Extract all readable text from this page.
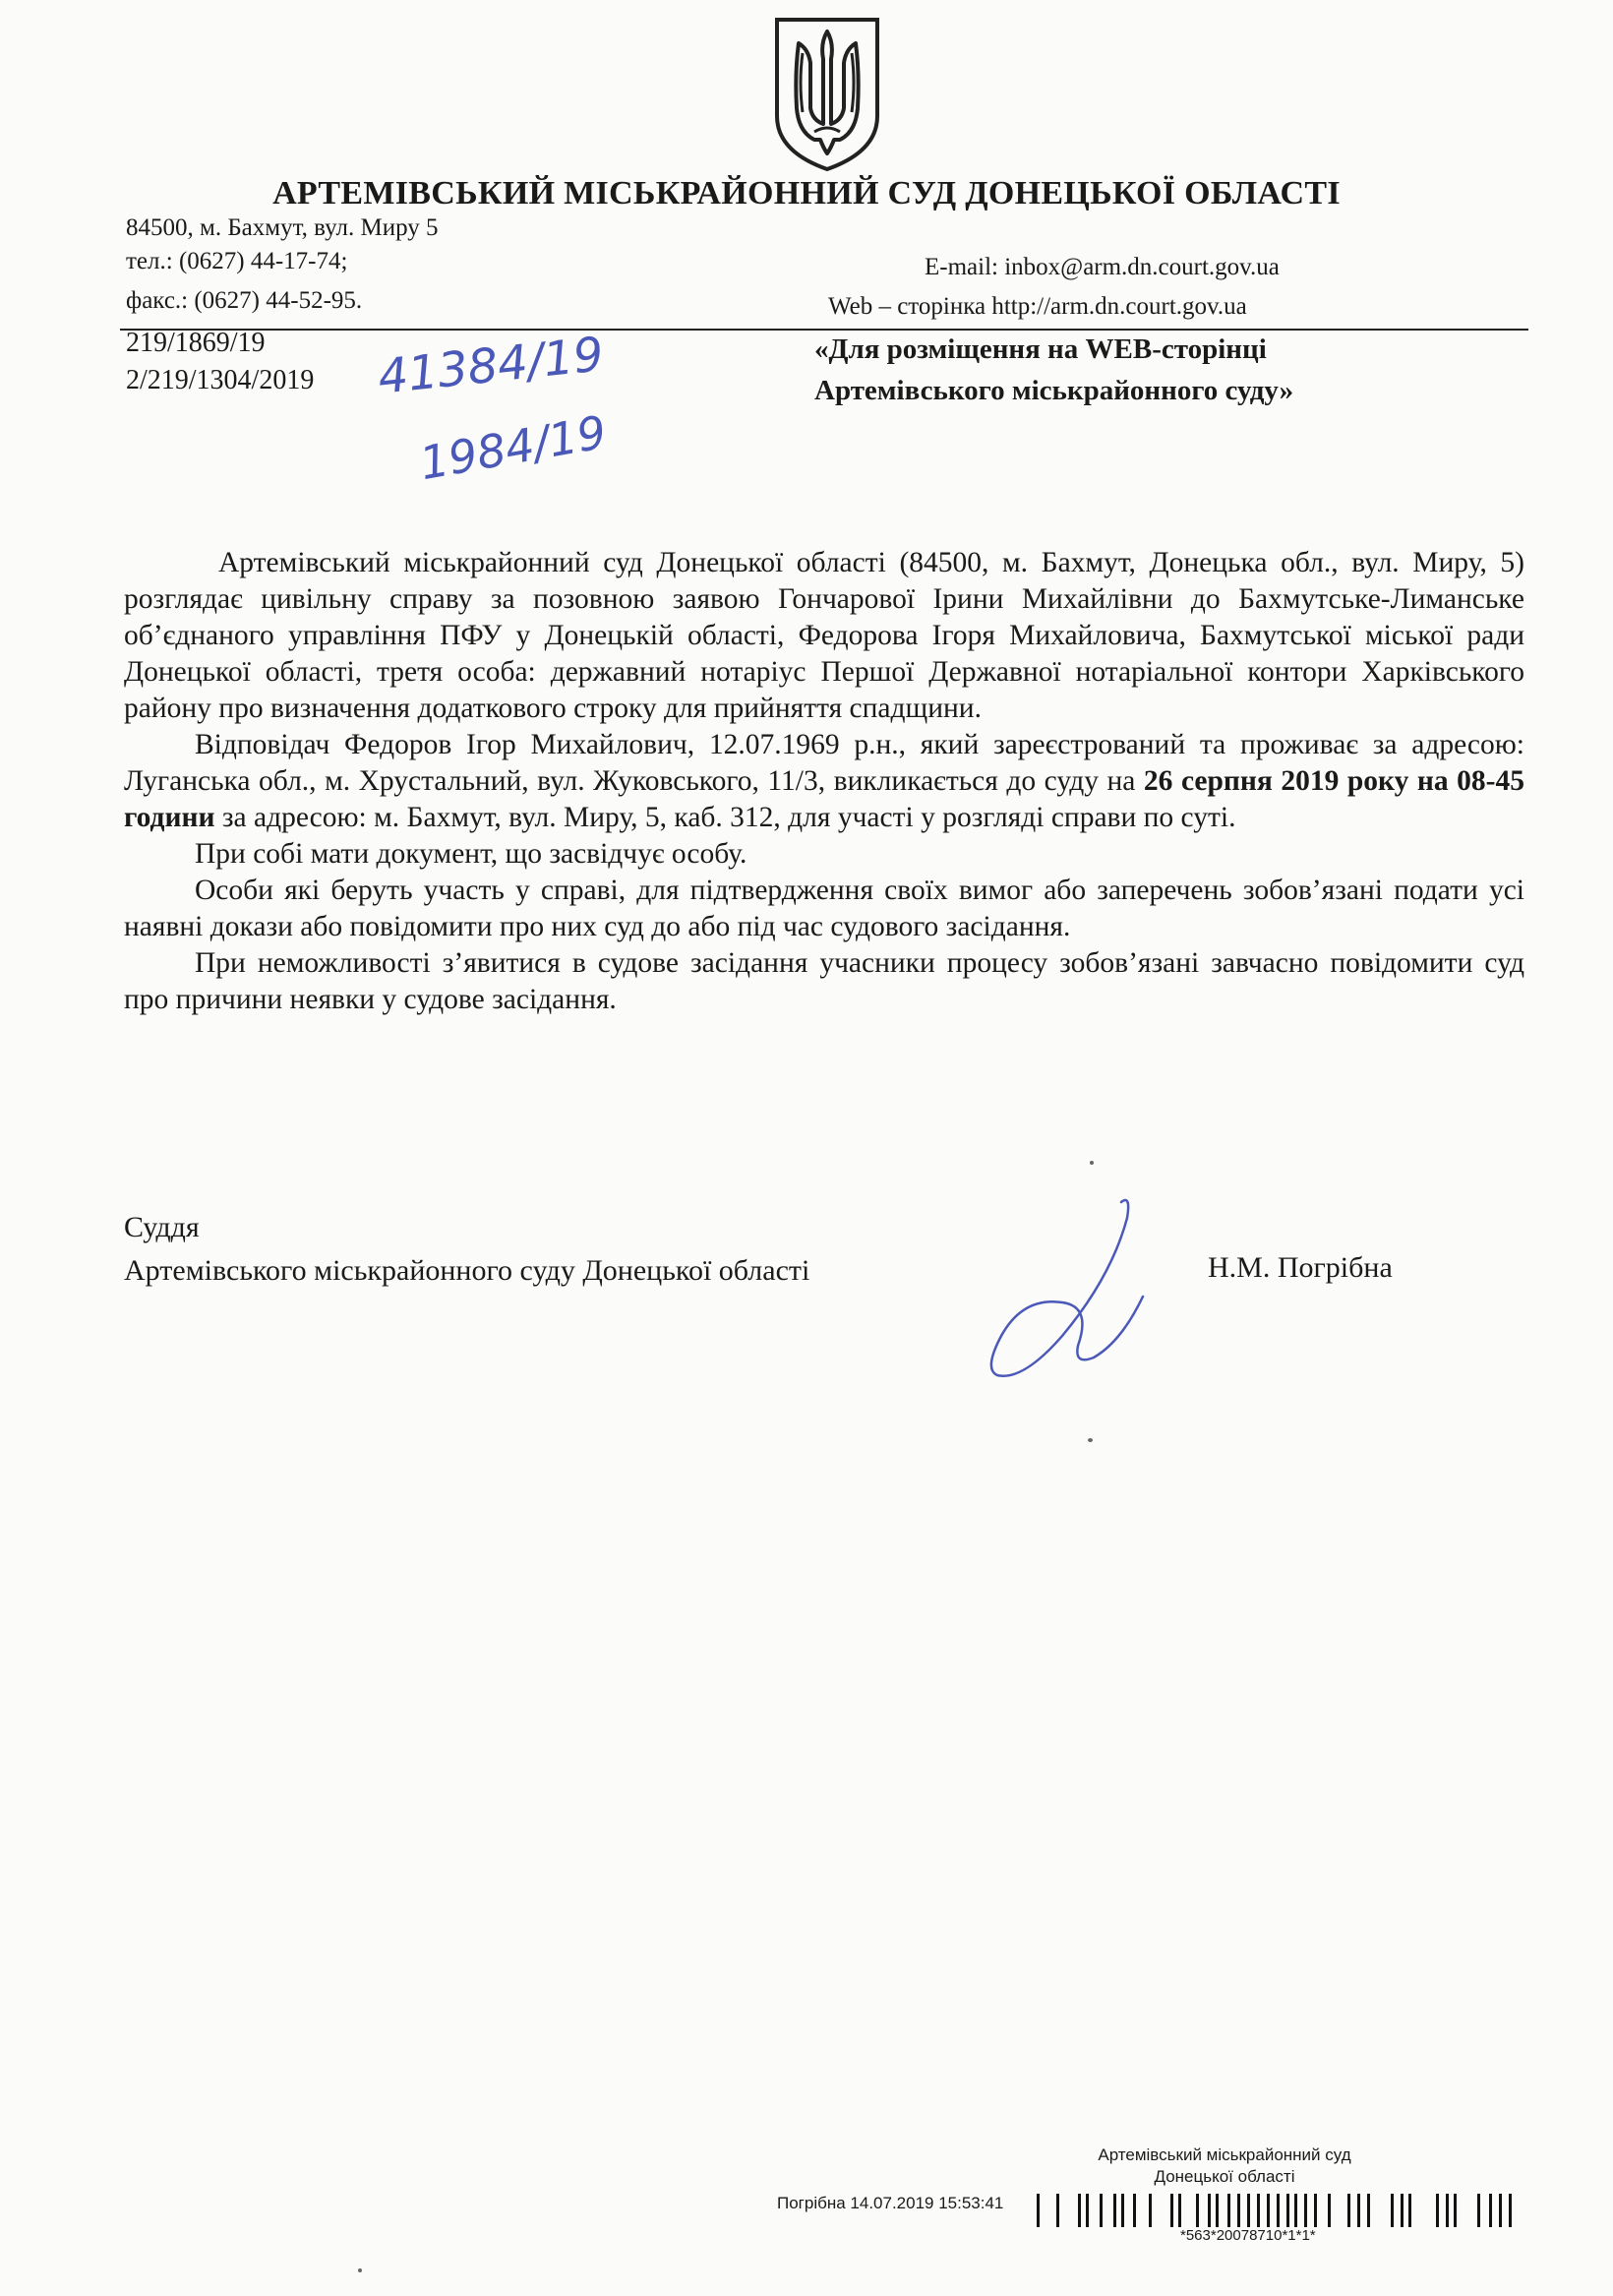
АРТЕМІВСЬКИЙ МІСЬКРАЙОННИЙ СУД ДОНЕЦЬКОЇ ОБЛАСТІ
84500, м. Бахмут, вул. Миру 5
тел.: (0627) 44-17-74;
факс.: (0627) 44-52-95.
E-mail: inbox@arm.dn.court.gov.ua
Web – сторінка http://arm.dn.court.gov.ua
219/1869/19
2/219/1304/2019 41384/19
1984/19
«Для розміщення на WEB-сторінці
Артемівського міськрайонного суду»

Артемівський міськрайонний суд Донецької області (84500, м. Бахмут, Донецька обл., вул. Миру, 5) розглядає цивільну справу за позовною заявою Гончарової Ірини Михайлівни до Бахмутське-Лиманське об’єднаного управління ПФУ у Донецькій області, Федорова Ігоря Михайловича, Бахмутської міської ради Донецької області, третя особа: державний нотаріус Першої Державної нотаріальної контори Харківського району про визначення додаткового строку для прийняття спадщини.

Відповідач Федоров Ігор Михайлович, 12.07.1969 р.н., який зареєстрований та проживає за адресою: Луганська обл., м. Хрустальний, вул. Жуковського, 11/3, викликається до суду на 26 серпня 2019 року на 08-45 години за адресою: м. Бахмут, вул. Миру, 5, каб. 312, для участі у розгляді справи по суті.

При собі мати документ, що засвідчує особу.

Особи які беруть участь у справі, для підтвердження своїх вимог або заперечень зобов’язані подати усі наявні докази або повідомити про них суд до або під час судового засідання.

При неможливості з’явитися в судове засідання учасники процесу зобов’язані завчасно повідомити суд про причини неявки у судове засідання.

Суддя
Артемівського міськрайонного суду Донецької області	Н.М. Погрібна
Артемівський міськрайонний суд
Донецької області
Погрібна 14.07.2019 15:53:41
*563*20078710*1*1*
